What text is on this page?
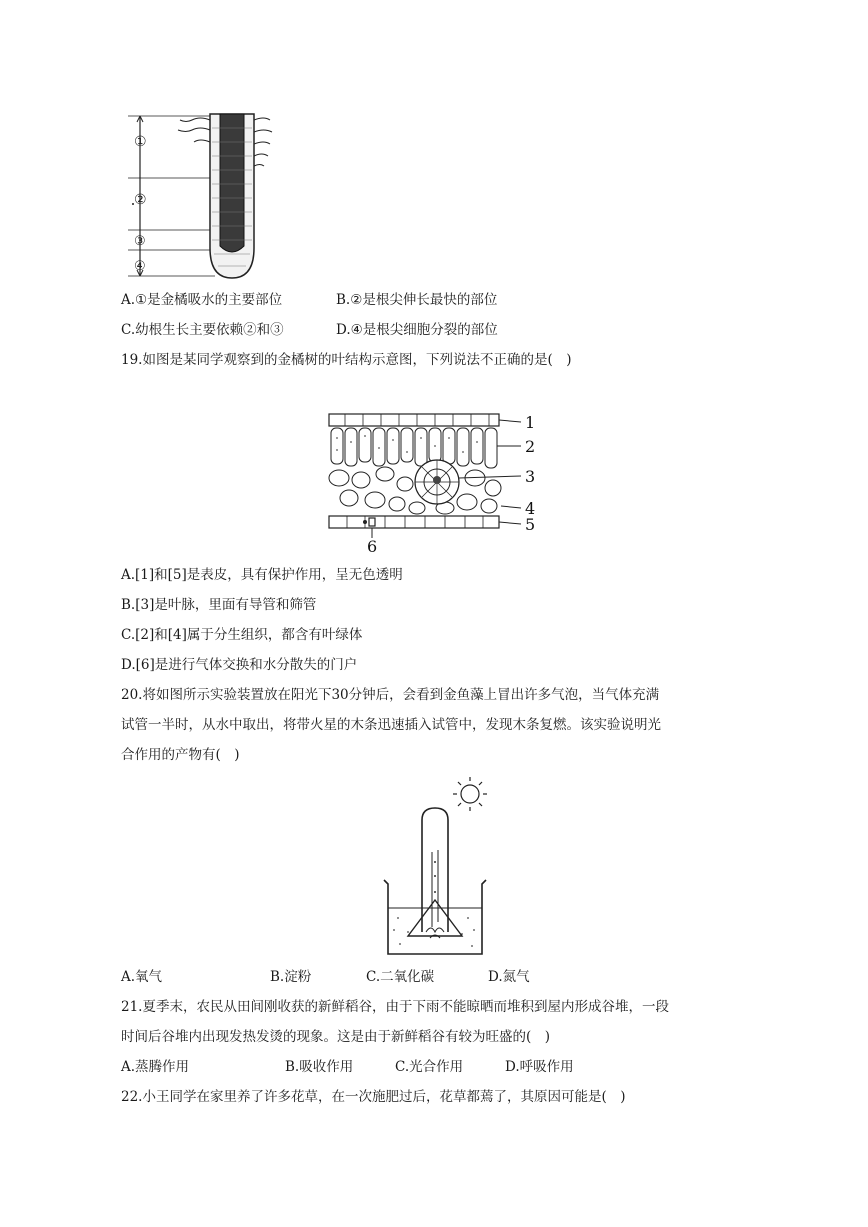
①
②
③
④
A.①是金橘吸水的主要部位	B.②是根尖伸长最快的部位
C.幼根生长主要依赖②和③	D.④是根尖细胞分裂的部位
19.如图是某同学观察到的金橘树的叶结构示意图，下列说法不正确的是(　)
1
2
3
4
5
6
A.[1]和[5]是表皮，具有保护作用，呈无色透明
B.[3]是叶脉，里面有导管和筛管
C.[2]和[4]属于分生组织，都含有叶绿体
D.[6]是进行气体交换和水分散失的门户
20.将如图所示实验装置放在阳光下30分钟后，会看到金鱼藻上冒出许多气泡，当气体充满
试管一半时，从水中取出，将带火星的木条迅速插入试管中，发现木条复燃。该实验说明光
合作用的产物有(　)
A.氧气	B.淀粉	C.二氧化碳	D.氮气
21.夏季末，农民从田间刚收获的新鲜稻谷，由于下雨不能晾晒而堆积到屋内形成谷堆，一段
时间后谷堆内出现发热发烫的现象。这是由于新鲜稻谷有较为旺盛的(　)
A.蒸腾作用	B.吸收作用	C.光合作用	D.呼吸作用
22.小王同学在家里养了许多花草，在一次施肥过后，花草都蔫了，其原因可能是(　)
